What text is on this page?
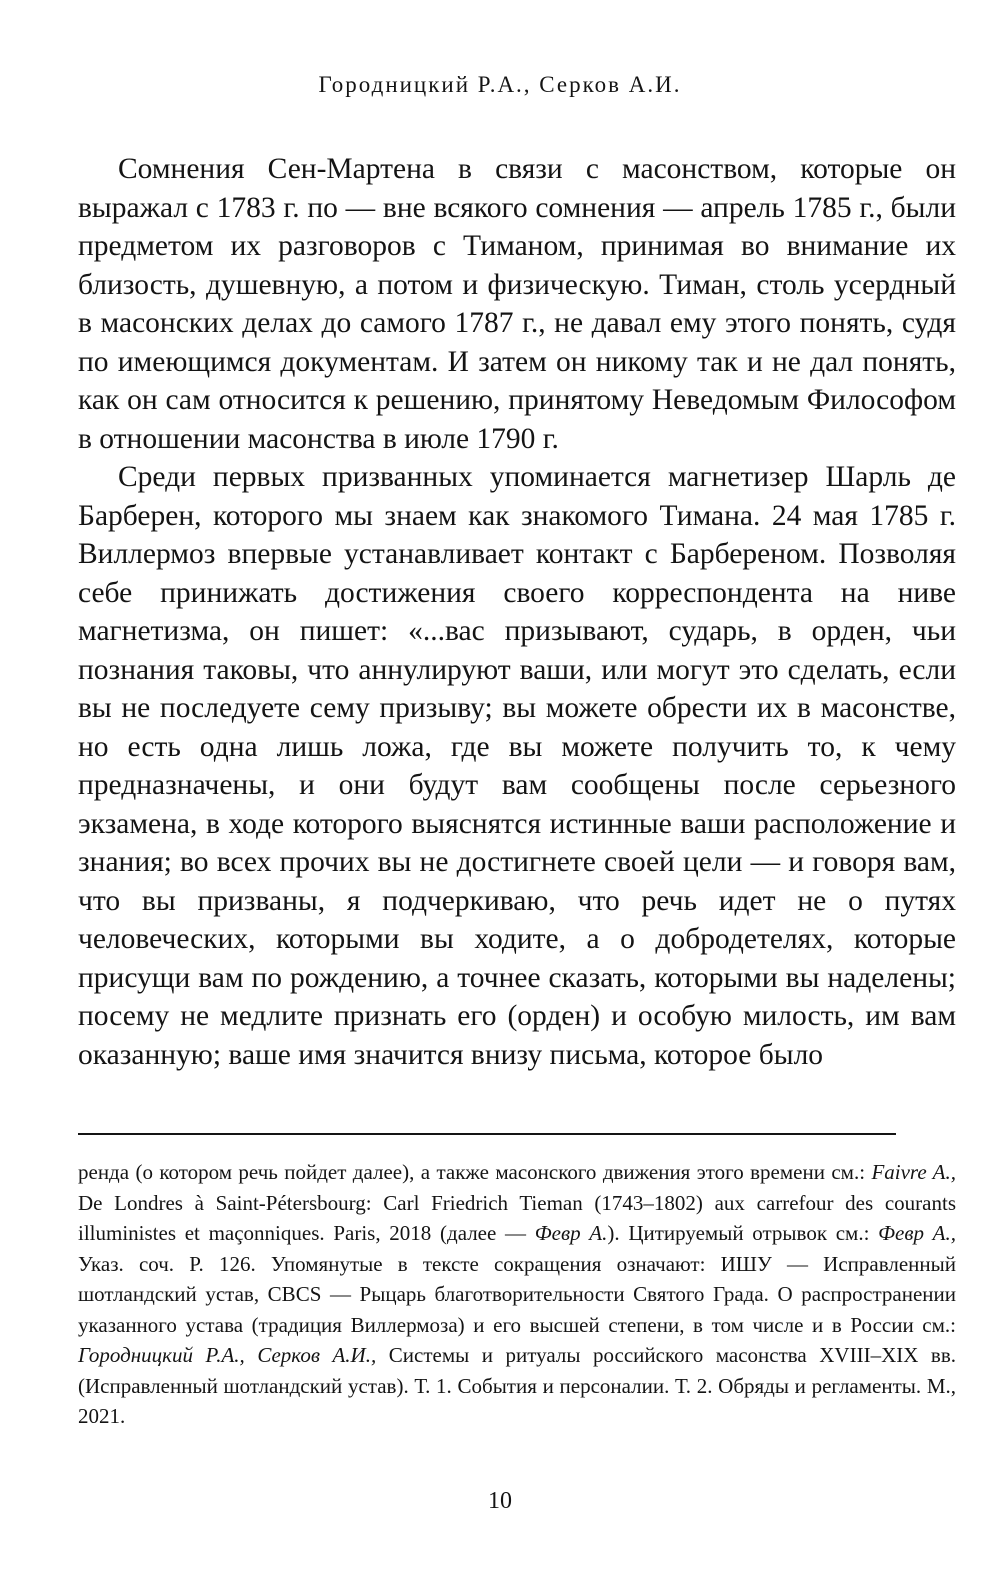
Городницкий Р.А., Серков А.И.

Сомнения Сен-Мартена в связи с масонством, которые он выражал с 1783 г. по — вне всякого сомнения — апрель 1785 г., были предметом их разговоров с Тиманом, принимая во внимание их близость, душевную, а потом и физическую. Тиман, столь усердный в масонских делах до самого 1787 г., не давал ему этого понять, судя по имеющимся документам. И затем он никому так и не дал понять, как он сам относится к решению, принятому Неведомым Философом в отношении масонства в июле 1790 г.

Среди первых призванных упоминается магнетизер Шарль де Барберен, которого мы знаем как знакомого Тимана. 24 мая 1785 г. Виллермоз впервые устанавливает контакт с Барбереном. Позволяя себе принижать достижения своего корреспондента на ниве магнетизма, он пишет: «...вас призывают, сударь, в орден, чьи познания таковы, что аннулируют ваши, или могут это сделать, если вы не последуете сему призыву; вы можете обрести их в масонстве, но есть одна лишь ложа, где вы можете получить то, к чему предназначены, и они будут вам сообщены после серьезного экзамена, в ходе которого выяснятся истинные ваши расположение и знания; во всех прочих вы не достигнете своей цели — и говоря вам, что вы призваны, я подчеркиваю, что речь идет не о путях человеческих, которыми вы ходите, а о добродетелях, которые присущи вам по рождению, а точнее сказать, которыми вы наделены; посему не медлите признать его (орден) и особую милость, им вам оказанную; ваше имя значится внизу письма, которое было

ренда (о котором речь пойдет далее), а также масонского движения этого времени см.: Faivre A., De Londres à Saint-Pétersbourg: Carl Friedrich Tieman (1743–1802) aux carrefour des courants illuministes et maçonniques. Paris, 2018 (далее — Февр А.). Цитируемый отрывок см.: Февр А., Указ. соч. P. 126. Упомянутые в тексте сокращения означают: ИШУ — Исправленный шотландский устав, CBCS — Рыцарь благотворительности Святого Града. О распространении указанного устава (традиция Виллермоза) и его высшей степени, в том числе и в России см.: Городницкий Р.А., Серков А.И., Системы и ритуалы российского масонства XVIII–XIX вв. (Исправленный шотландский устав). Т. 1. События и персоналии. Т. 2. Обряды и регламенты. М., 2021.

10
